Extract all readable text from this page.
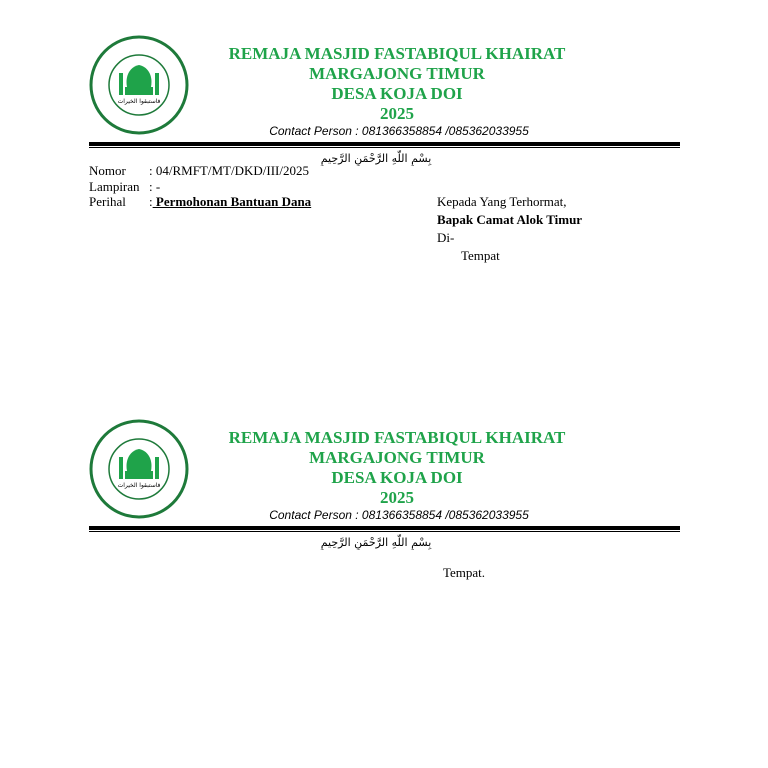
فاستبقوا الخيرات
REMAJA MASJID FASTABIQUL KHAIRAT
MARGAJONG TIMUR
DESA KOJA DOI
2025
Contact Person : 081366358854 /085362033955
بِسْمِ اللَّهِ الرَّحْمَنِ الرَّحِيمِ
Nomor	: 04/RMFT/MT/DKD/III/2025
Lampiran : -
Perihal	: Permohonan Bantuan Dana	Kepada Yang Terhormat,
Bapak Camat Alok Timur
Di-
Tempat
فاستبقوا الخيرات
REMAJA MASJID FASTABIQUL KHAIRAT
MARGAJONG TIMUR
DESA KOJA DOI
2025
Contact Person : 081366358854 /085362033955
بِسْمِ اللَّهِ الرَّحْمَنِ الرَّحِيمِ
Tempat.
